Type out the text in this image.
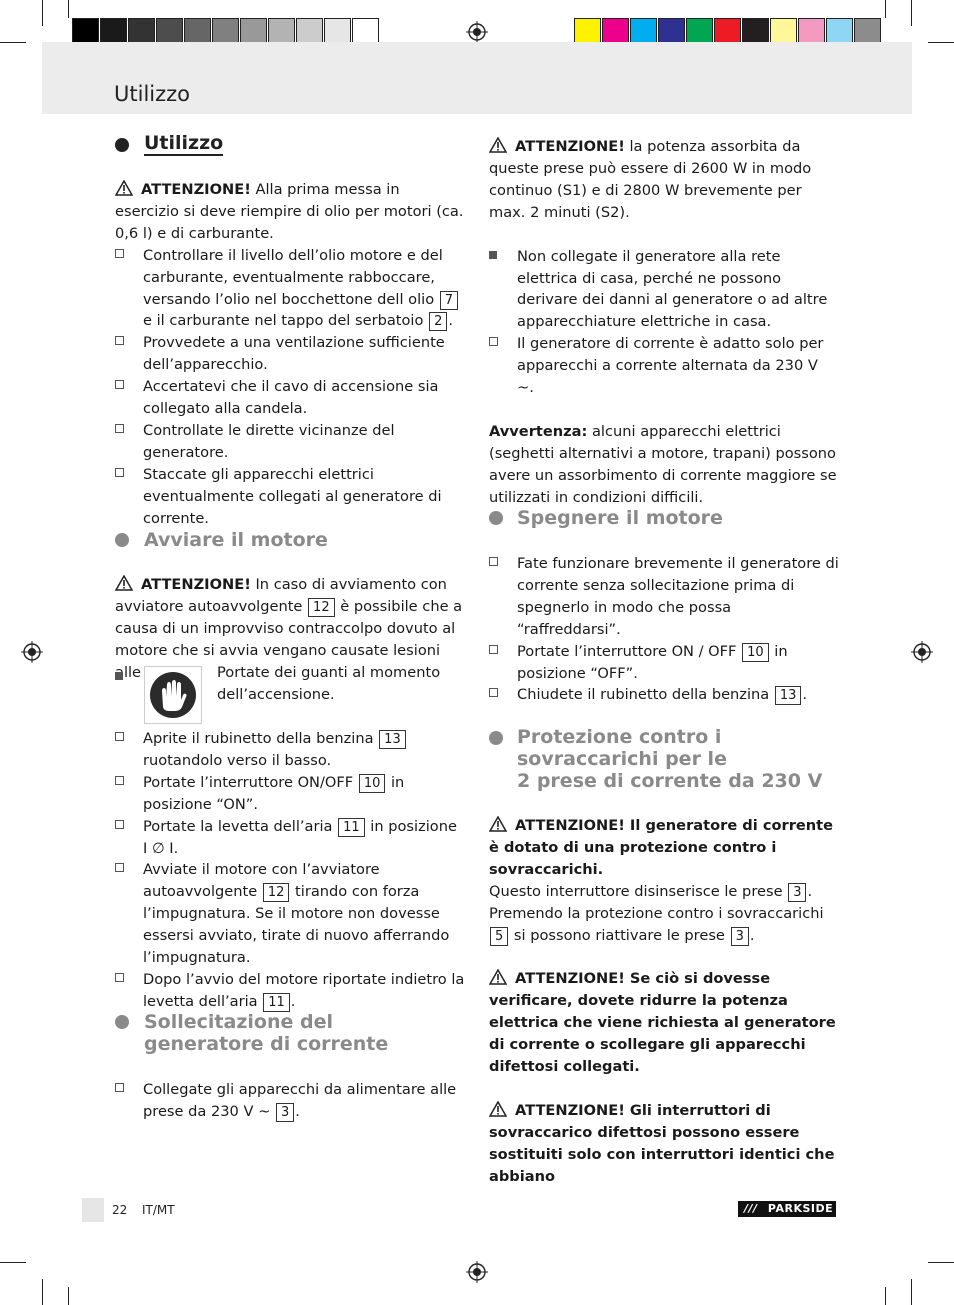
Utilizzo
Utilizzo

ATTENZIONE! Alla prima messa in esercizio si deve riempire di olio per motori (ca. 0,6 l) e di carburante.

Controllare il livello dell’olio motore e del carburante, eventualmente rabboccare, versando l’olio nel bocchettone dell olio 7 e il carburante nel tappo del serbatoio 2 .
Provvedete a una ventilazione sufficiente dell’apparecchio.
Accertatevi che il cavo di accensione sia collegato alla candela.
Controllate le dirette vicinanze del generatore.
Staccate gli apparecchi elettrici eventualmente collegati al generatore di corrente.
Avviare il motore

ATTENZIONE! In caso di avviamento con avviatore autoavvolgente 12 è possibile che a causa di un improvviso contraccolpo dovuto al motore che si avvia vengano causate lesioni alle	Portate dei guanti al momento dell’accensione.
Aprite il rubinetto della benzina 13 ruotandolo verso il basso.
Portate l’interruttore ON/OFF 10 in posizione “ON”.
Portate la levetta dell’aria 11 in posizione I ∅ I.
Avviate il motore con l’avviatore autoavvolgente 12 tirando con forza l’impugnatura. Se il motore non dovesse essersi avviato, tirate di nuovo afferrando l’impugnatura.
Dopo l’avvio del motore riportate indietro la levetta dell’aria 11 .
Sollecitazione del
generatore di corrente
Collegate gli apparecchi da alimentare alle prese da 230 V ~ 3 .

ATTENZIONE! la potenza assorbita da queste prese può essere di 2600 W in modo continuo (S1) e di 2800 W brevemente per max. 2 minuti (S2).

Non collegate il generatore alla rete elettrica di casa, perché ne possono derivare dei danni al generatore o ad altre apparecchiature elettriche in casa.
Il generatore di corrente è adatto solo per apparecchi a corrente alternata da 230 V ~.

Avvertenza: alcuni apparecchi elettrici (seghetti alternativi a motore, trapani) possono avere un assorbimento di corrente maggiore se utilizzati in condizioni difficili.

Spegnere il motore
Fate funzionare brevemente il generatore di corrente senza sollecitazione prima di spegnerlo in modo che possa “raffreddarsi”.
Portate l’interruttore ON / OFF 10 in posizione “OFF”.
Chiudete il rubinetto della benzina 13 .
Protezione contro i
sovraccarichi per le
2 prese di corrente da 230 V

ATTENZIONE! Il generatore di corrente è dotato di una protezione contro i sovraccarichi.

Questo interruttore disinserisce le prese 3 . Premendo la protezione contro i sovraccarichi 5 si possono riattivare le prese 3 .

ATTENZIONE! Se ciò si dovesse verificare, dovete ridurre la potenza elettrica che viene richiesta al generatore di corrente o scollegare gli apparecchi difettosi collegati.

ATTENZIONE! Gli interruttori di sovraccarico difettosi possono essere sostituiti solo con interruttori identici che abbiano

22 IT/MT	/// PARKSIDE
